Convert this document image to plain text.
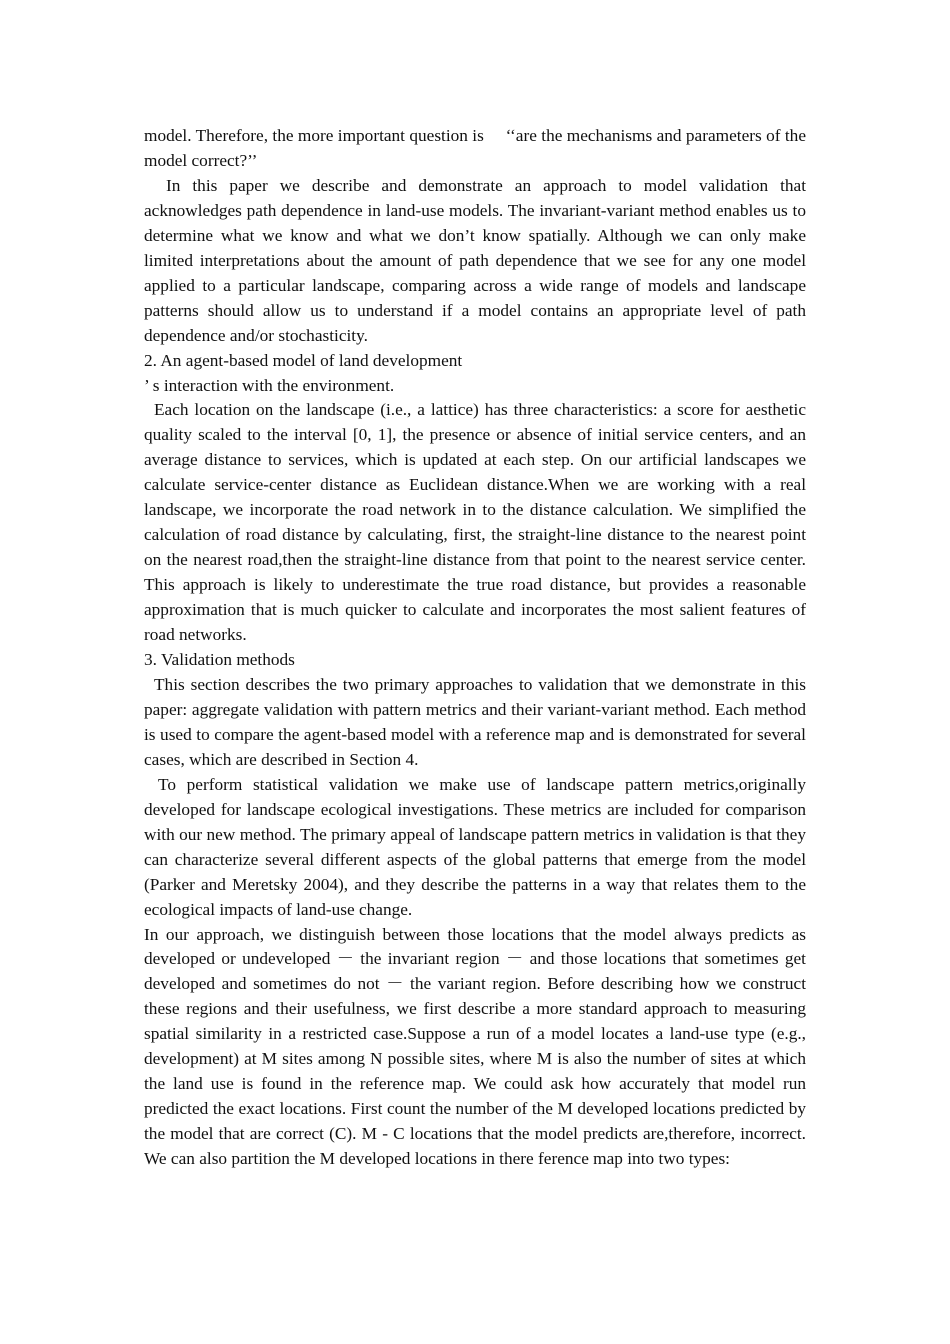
model. Therefore, the more important question is 　‘‘are the mechanisms and parameters of the model correct?’’

In this paper we describe and demonstrate an approach to model validation that acknowledges path dependence in land-use models. The invariant-variant method enables us to determine what we know and what we don’t know spatially. Although we can only make limited interpretations about the amount of path dependence that we see for any one model applied to a particular landscape, comparing across a wide range of models and landscape patterns should allow us to understand if a model contains an appropriate level of path dependence and/or stochasticity.

2. An agent-based model of land development

’ s interaction with the environment.

Each location on the landscape (i.e., a lattice) has three characteristics: a score for aesthetic quality scaled to the interval [0, 1], the presence or absence of initial service centers, and an average distance to services, which is updated at each step. On our artificial landscapes we calculate service-center distance as Euclidean distance.When we are working with a real landscape, we incorporate the road network in to the distance calculation. We simplified the calculation of road distance by calculating, first, the straight-line distance to the nearest point on the nearest road,then the straight-line distance from that point to the nearest service center. This approach is likely to underestimate the true road distance, but provides a reasonable approximation that is much quicker to calculate and incorporates the most salient features of road networks.

3. Validation methods

This section describes the two primary approaches to validation that we demonstrate in this paper: aggregate validation with pattern metrics and their variant-variant method. Each method is used to compare the agent-based model with a reference map and is demonstrated for several cases, which are described in Section 4.

To perform statistical validation we make use of landscape pattern metrics,originally developed for landscape ecological investigations. These metrics are included for comparison with our new method. The primary appeal of landscape pattern metrics in validation is that they can characterize several different aspects of the global patterns that emerge from the model (Parker and Meretsky 2004), and they describe the patterns in a way that relates them to the ecological impacts of land-use change.

In our approach, we distinguish between those locations that the model always predicts as developed or undeveloped － the invariant region － and those locations that sometimes get developed and sometimes do not － the variant region. Before describing how we construct these regions and their usefulness, we first describe a more standard approach to measuring spatial similarity in a restricted case.Suppose a run of a model locates a land-use type (e.g., development) at M sites among N possible sites, where M is also the number of sites at which the land use is found in the reference map. We could ask how accurately that model run predicted the exact locations. First count the number of the M developed locations predicted by the model that are correct (C). M - C locations that the model predicts are,therefore, incorrect. We can also partition the M developed locations in there ference map into two types:
